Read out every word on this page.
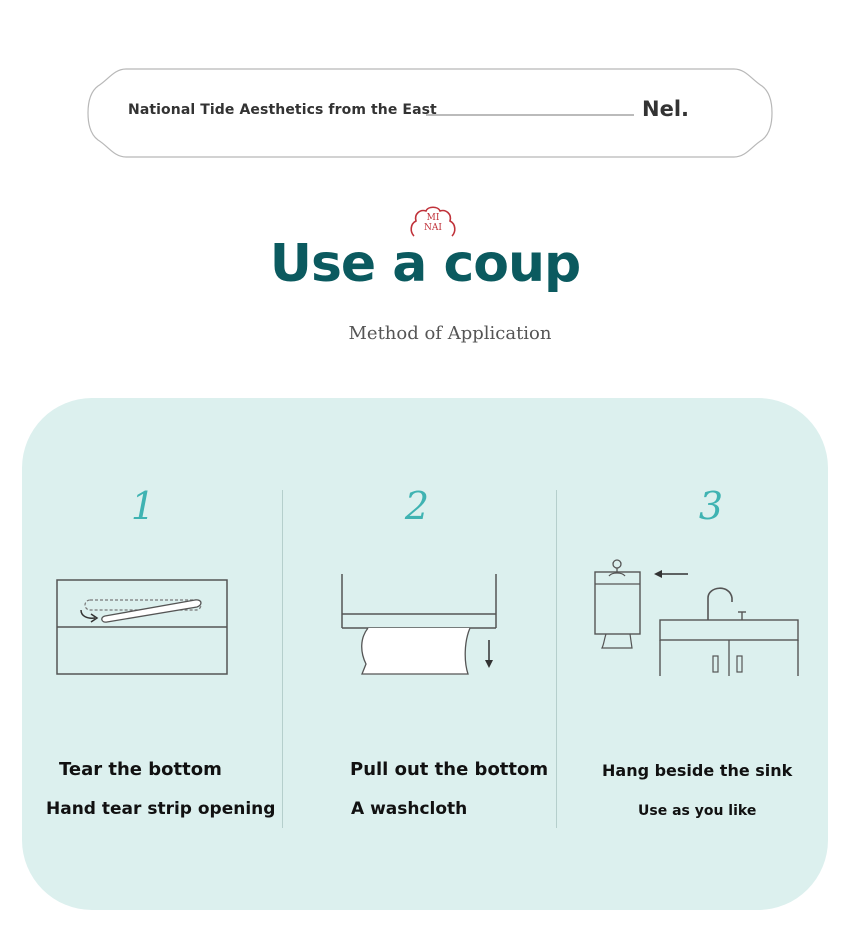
National Tide Aesthetics from the East	Nel.
MI
NAI
Use a coup
Method of Application
1
Tear the bottom
Hand tear strip opening
2
Pull out the bottom
A washcloth
3
Hang beside the sink
Use as you like
